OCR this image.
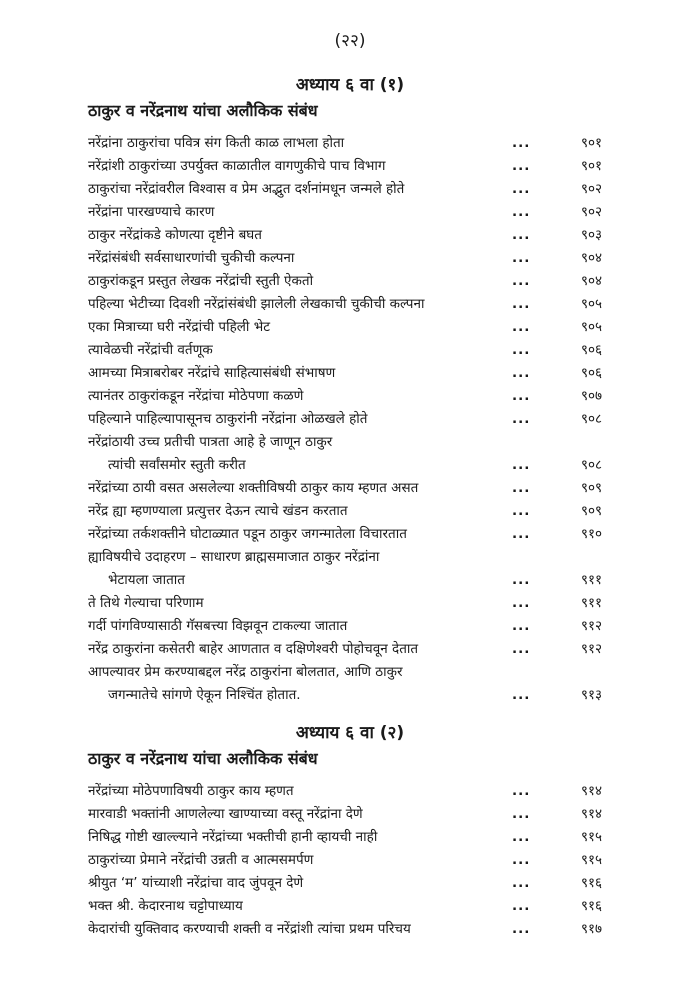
(२२)
अध्याय ६ वा (१)
ठाकुर व नरेंद्रनाथ यांचा अलौकिक संबंध
नरेंद्रांना ठाकुरांचा पवित्र संग किती काळ लाभला होता	...	९०१
नरेंद्रांशी ठाकुरांच्या उपर्युक्त काळातील वागणुकीचे पाच विभाग	...	९०१
ठाकुरांचा नरेंद्रांवरील विश्वास व प्रेम अद्भुत दर्शनांमधून जन्मले होते	...	९०२
नरेंद्रांना पारखण्याचे कारण	...	९०२
ठाकुर नरेंद्रांकडे कोणत्या दृष्टीने बघत	...	९०३
नरेंद्रांसंबंधी सर्वसाधारणांची चुकीची कल्पना	...	९०४
ठाकुरांकडून प्रस्तुत लेखक नरेंद्रांची स्तुती ऐकतो	...	९०४
पहिल्या भेटीच्या दिवशी नरेंद्रांसंबंधी झालेली लेखकाची चुकीची कल्पना	...	९०५
एका मित्राच्या घरी नरेंद्रांची पहिली भेट	...	९०५
त्यावेळची नरेंद्रांची वर्तणूक	...	९०६
आमच्या मित्राबरोबर नरेंद्रांचे साहित्यासंबंधी संभाषण	...	९०६
त्यानंतर ठाकुरांकडून नरेंद्रांचा मोठेपणा कळणे	...	९०७
पहिल्याने पाहिल्यापासूनच ठाकुरांनी नरेंद्रांना ओळखले होते	...	९०८
नरेंद्रांठायी उच्च प्रतीची पात्रता आहे हे जाणून ठाकुर
त्यांची सर्वांसमोर स्तुती करीत	...	९०८
नरेंद्रांच्या ठायी वसत असलेल्या शक्तीविषयी ठाकुर काय म्हणत असत	...	९०९
नरेंद्र ह्या म्हणण्याला प्रत्युत्तर देऊन त्याचे खंडन करतात	...	९०९
नरेंद्रांच्या तर्कशक्तीने घोटाळ्यात पडून ठाकुर जगन्मातेला विचारतात	...	९१०
ह्याविषयीचे उदाहरण – साधारण ब्राह्मसमाजात ठाकुर नरेंद्रांना
भेटायला जातात	...	९११
ते तिथे गेल्याचा परिणाम	...	९११
गर्दी पांगविण्यासाठी गॅसबत्त्या विझवून टाकल्या जातात	...	९१२
नरेंद्र ठाकुरांना कसेतरी बाहेर आणतात व दक्षिणेश्वरी पोहोचवून देतात	...	९१२
आपल्यावर प्रेम करण्याबद्दल नरेंद्र ठाकुरांना बोलतात, आणि ठाकुर
जगन्मातेचे सांगणे ऐकून निश्चिंत होतात.	...	९१३
अध्याय ६ वा (२)
ठाकुर व नरेंद्रनाथ यांचा अलौकिक संबंध
नरेंद्रांच्या मोठेपणाविषयी ठाकुर काय म्हणत	...	९१४
मारवाडी भक्तांनी आणलेल्या खाण्याच्या वस्तू नरेंद्रांना देणे	...	९१४
निषिद्ध गोष्टी खाल्ल्याने नरेंद्रांच्या भक्तीची हानी व्हायची नाही	...	९१५
ठाकुरांच्या प्रेमाने नरेंद्रांची उन्नती व आत्मसमर्पण	...	९१५
श्रीयुत ‘म’ यांच्याशी नरेंद्रांचा वाद जुंपवून देणे	...	९१६
भक्त श्री. केदारनाथ चट्टोपाध्याय	...	९१६
केदारांची युक्तिवाद करण्याची शक्ती व नरेंद्रांशी त्यांचा प्रथम परिचय	...	९१७
